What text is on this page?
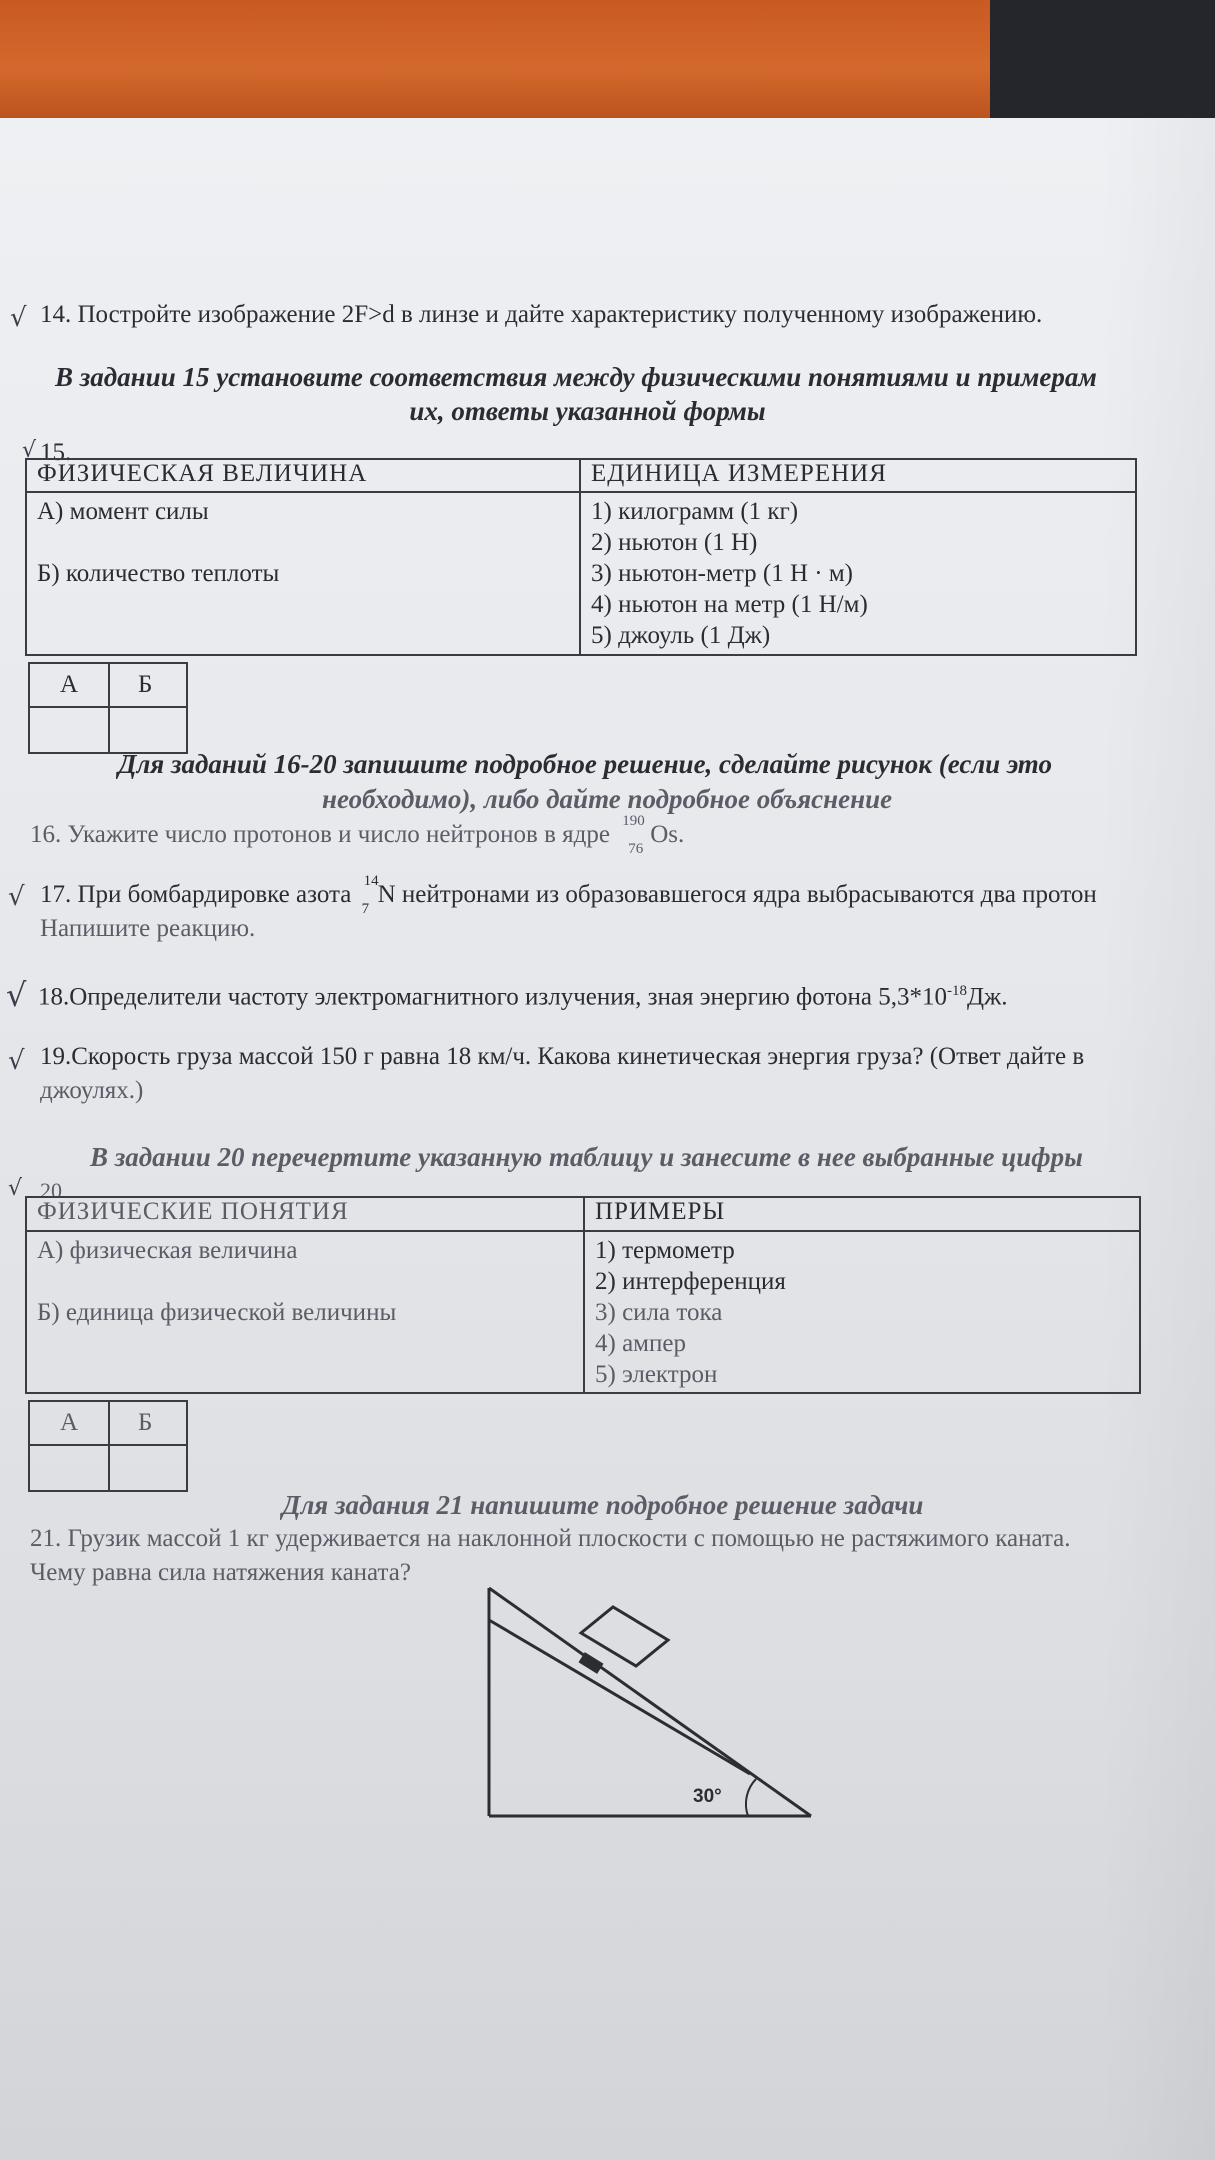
√ 14. Постройте изображение 2F>d в линзе и дайте характеристику полученному изображению.
В задании 15 установите соответствия между физическими понятиями и примерам
их, ответы указанной формы
√ 15.
ФИЗИЧЕСКАЯ ВЕЛИЧИНА	ЕДИНИЦА ИЗМЕРЕНИЯ
А) момент силы
Б) количество теплоты
1) килограмм (1 кг)
2) ньютон (1 Н)
3) ньютон-метр (1 Н · м)
4) ньютон на метр (1 Н/м)
5) джоуль (1 Дж)
А Б
Для заданий 16-20 запишите подробное решение, сделайте рисунок (если это
необходимо), либо дайте подробное объяснение
16. Укажите число протонов и число нейтронов в ядре 190
76
Os.
√ 17. При бомбардировке азота
7
14 N нейтронами из образовавшегося ядра выбрасываются два протон
Напишите реакцию.
√ 18.Определители частоту электромагнитного излучения, зная энергию фотона $5,3*10^{-18}Дж$.
√ 19.Скорость груза массой 150 г равна 18 км/ч. Какова кинетическая энергия груза? (Ответ дайте в
джоулях.)
В задании 20 перечертите указанную таблицу и занесите в нее выбранные цифры
√ 20
ФИЗИЧЕСКИЕ ПОНЯТИЯ	ПРИМЕРЫ
А) физическая величина
Б) единица физической величины
1) термометр
2) интерференция
3) сила тока
4) ампер
5) электрон
А Б
Для задания 21 напишите подробное решение задачи
21. Грузик массой 1 кг удерживается на наклонной плоскости с помощью не растяжимого каната.
Чему равна сила натяжения каната?
30°
